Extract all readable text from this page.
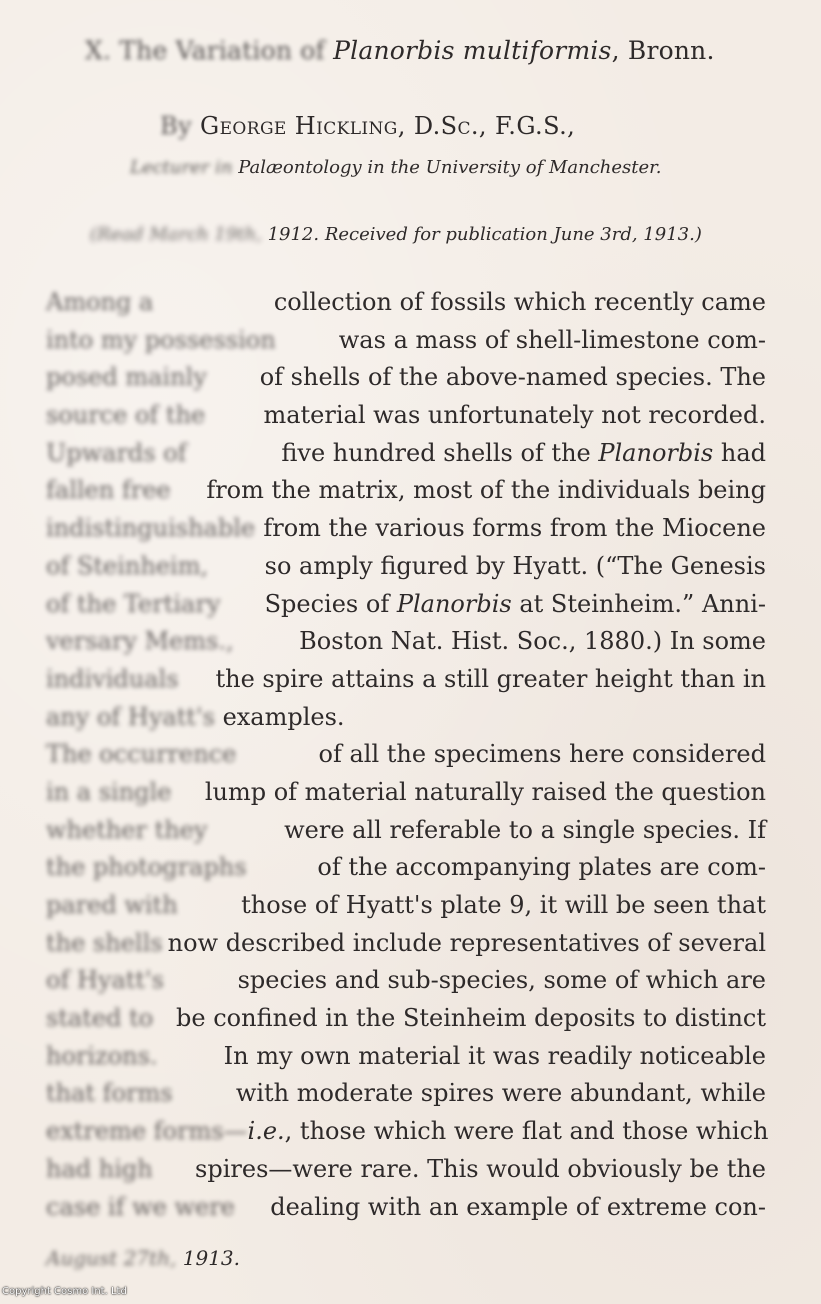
X. The Variation of Planorbis multiformis, Bronn.
By George Hickling, D.Sc., F.G.S.,
Lecturer in Palæontology in the University of Manchester.
(Read March 19th, 1912. Received for publication June 3rd, 1913.)
Among a	collection of fossils which recently came
into my possession	was a mass of shell-limestone com-
posed mainly of shells of the above-named species. The
source of the material was unfortunately not recorded.
Upwards of	five hundred shells of the Planorbis had
fallen free from the matrix, most of the individuals being
indistinguishable from the various forms from the Miocene
of Steinheim, so amply figured by Hyatt. (“The Genesis
of the Tertiary Species of Planorbis at Steinheim.” Anni-
versary Mems.,	Boston Nat. Hist. Soc., 1880.) In some
individuals the spire attains a still greater height than in
any of Hyatt's
examples.
The occurrence	of all the specimens here considered
in a single lump of material naturally raised the question
whether they	were all referable to a single species. If
the photographs	of the accompanying plates are com-
pared with	those of Hyatt's plate 9, it will be seen that
the shells now described include representatives of several
of Hyatt's	species and sub-species, some of which are
stated to be confined in the Steinheim deposits to distinct
horizons.	In my own material it was readily noticeable
that forms	with moderate spires were abundant, while
extreme forms— i.e., those which were flat and those which
had high spires—were rare. This would obviously be the
case if we were dealing with an example of extreme con-
August 27th, 1913.
Copyright Cosmo Int. Ltd
